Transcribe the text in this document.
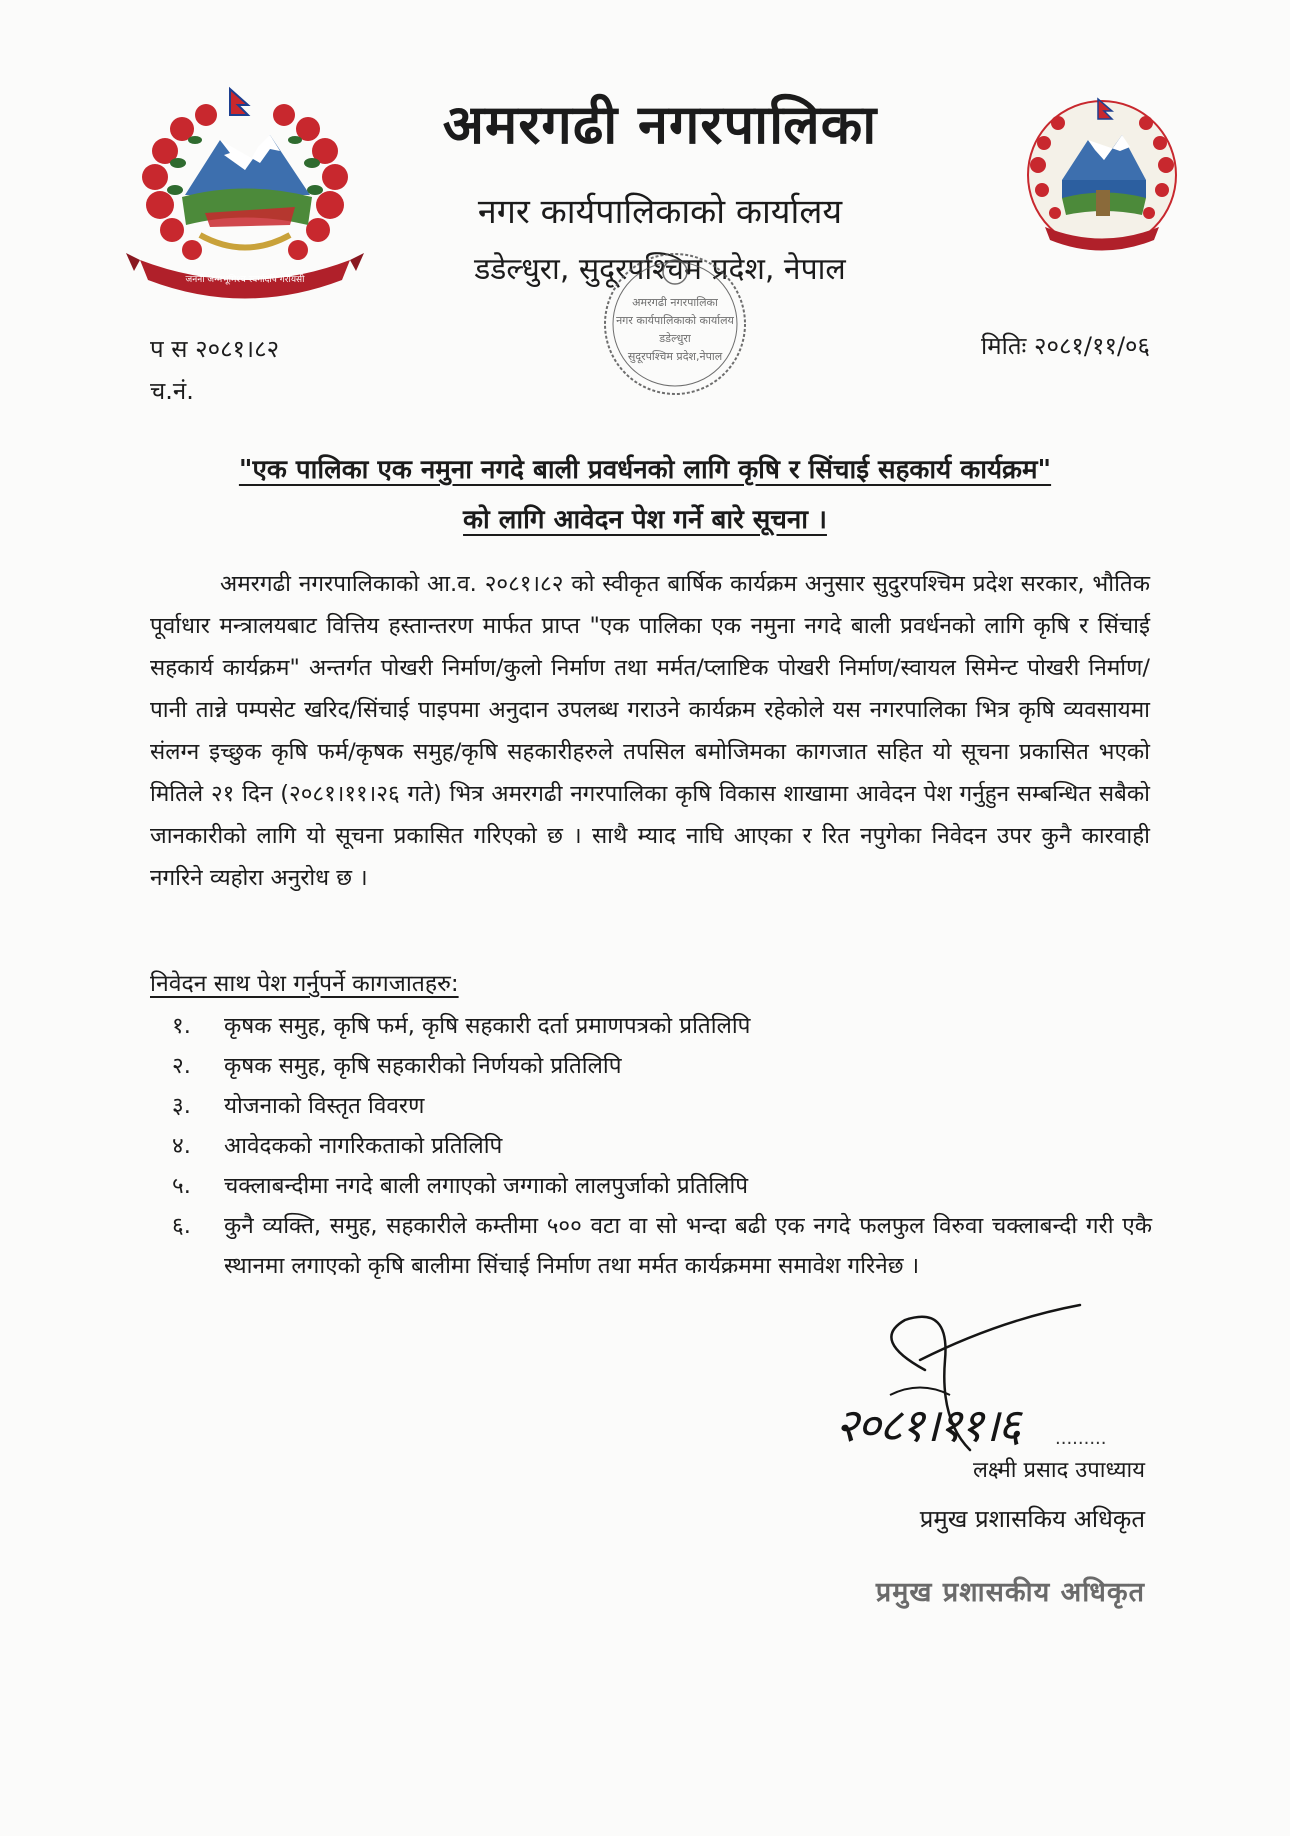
जननी जन्मभूमिश्च स्वर्गादपि गरीयसी
अमरगढी नगरपालिका
नगर कार्यपालिकाको कार्यालय
डडेल्धुरा, सुदूरपश्चिम प्रदेश, नेपाल
अमरगढी नगरपालिका
नगर कार्यपालिकाको कार्यालय
डडेल्धुरा
सुदूरपश्चिम प्रदेश,नेपाल
प स २०८१।८२
च.नं.
मितिः २०८१/११/०६
"एक पालिका एक नमुना नगदे बाली प्रवर्धनको लागि कृषि र सिंचाई सहकार्य कार्यक्रम"
को लागि आवेदन पेश गर्ने बारे सूचना ।

अमरगढी नगरपालिकाको आ.व. २०८१।८२ को स्वीकृत बार्षिक कार्यक्रम अनुसार सुदुरपश्चिम प्रदेश सरकार, भौतिक पूर्वाधार मन्त्रालयबाट वित्तिय हस्तान्तरण मार्फत प्राप्त "एक पालिका एक नमुना नगदे बाली प्रवर्धनको लागि कृषि र सिंचाई सहकार्य कार्यक्रम" अन्तर्गत पोखरी निर्माण/कुलो निर्माण तथा मर्मत/प्लाष्टिक पोखरी निर्माण/स्वायल सिमेन्ट पोखरी निर्माण/पानी तान्ने पम्पसेट खरिद/सिंचाई पाइपमा अनुदान उपलब्ध गराउने कार्यक्रम रहेकोले यस नगरपालिका भित्र कृषि व्यवसायमा संलग्न इच्छुक कृषि फर्म/कृषक समुह/कृषि सहकारीहरुले तपसिल बमोजिमका कागजात सहित यो सूचना प्रकासित भएको मितिले २१ दिन (२०८१।११।२६ गते) भित्र अमरगढी नगरपालिका कृषि विकास शाखामा आवेदन पेश गर्नुहुन सम्बन्धित सबैको जानकारीको लागि यो सूचना प्रकासित गरिएको छ । साथै म्याद नाघि आएका र रित नपुगेका निवेदन उपर कुनै कारवाही नगरिने व्यहोरा अनुरोध छ ।

निवेदन साथ पेश गर्नुपर्ने कागजातहरु:
१.	कृषक समुह, कृषि फर्म, कृषि सहकारी दर्ता प्रमाणपत्रको प्रतिलिपि
२.	कृषक समुह, कृषि सहकारीको निर्णयको प्रतिलिपि
३.	योजनाको विस्तृत विवरण
४.	आवेदकको नागरिकताको प्रतिलिपि
५.	चक्लाबन्दीमा नगदे बाली लगाएको जग्गाको लालपुर्जाको प्रतिलिपि
६.	कुनै व्यक्ति, समुह, सहकारीले कम्तीमा ५०० वटा वा सो भन्दा बढी एक नगदे फलफुल विरुवा चक्लाबन्दी गरी एकै स्थानमा लगाएको कृषि बालीमा सिंचाई निर्माण तथा मर्मत कार्यक्रममा समावेश गरिनेछ ।
२०८१।११।६ .........
लक्ष्मी प्रसाद उपाध्याय
प्रमुख प्रशासकिय अधिकृत
प्रमुख प्रशासकीय अधिकृत
